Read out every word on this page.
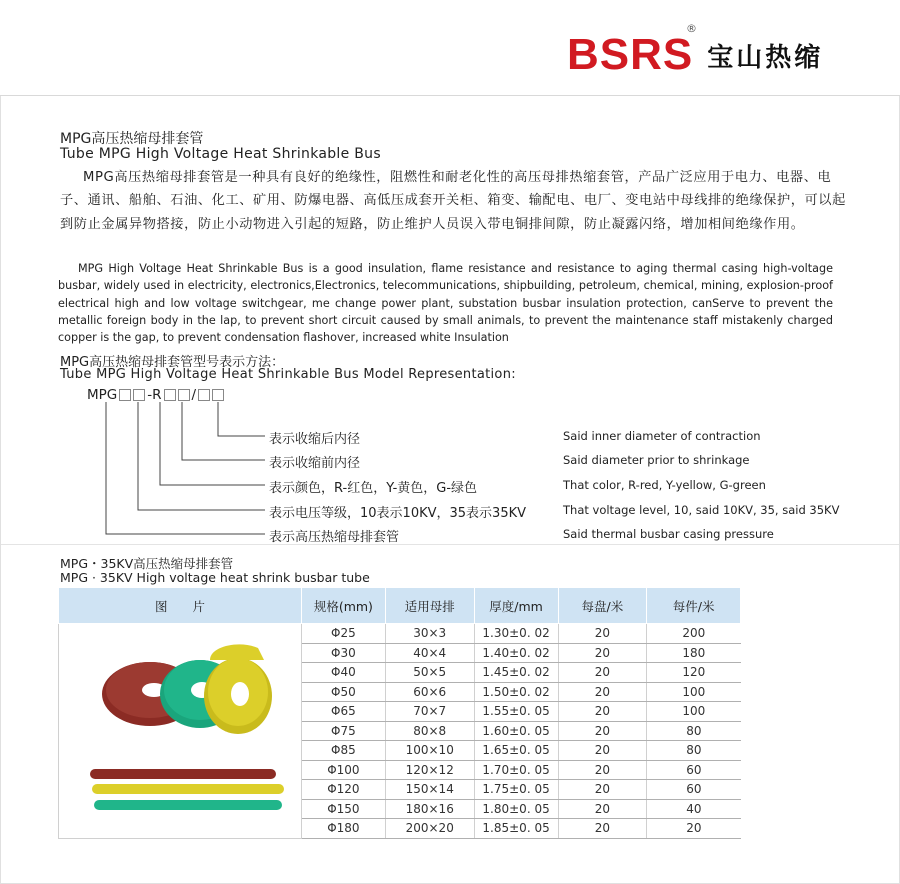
BSRS
®
宝山热缩
MPG高压热缩母排套管
Tube MPG High Voltage Heat Shrinkable Bus
MPG高压热缩母排套管是一种具有良好的绝缘性，阻燃性和耐老化性的高压母排热缩套管，产品广泛应用于电力、电器、电子、通讯、船舶、石油、化工、矿用、防爆电器、高低压成套开关柜、箱变、输配电、电厂、变电站中母线排的绝缘保护，可以起到防止金属异物搭接，防止小动物进入引起的短路，防止维护人员误入带电铜排间隙，防止凝露闪络，增加相间绝缘作用。
MPG High Voltage Heat Shrinkable Bus is a good insulation, flame resistance and resistance to aging thermal casing high-voltage busbar, widely used in electricity, electronics,Electronics, telecommunications, shipbuilding, petroleum, chemical, mining, explosion-proof electrical high and low voltage switchgear, me change power plant, substation busbar insulation protection, canServe to prevent the metallic foreign body in the lap, to prevent short circuit caused by small animals, to prevent the maintenance staff mistakenly charged copper is the gap, to prevent condensation flashover, increased white Insulation
MPG高压热缩母排套管型号表示方法：
Tube MPG High Voltage Heat Shrinkable Bus Model Representation:
MPG -R /
表示收缩后内径	Said inner diameter of contraction
表示收缩前内径	Said diameter prior to shrinkage
表示颜色，R-红色，Y-黄色，G-绿色	That color, R-red, Y-yellow, G-green
表示电压等级，10表示10KV，35表示35KV	That voltage level, 10, said 10KV, 35, said 35KV
表示高压热缩母排套管	Said thermal busbar casing pressure
MPG・35KV高压热缩母排套管
MPG · 35KV High voltage heat shrink busbar tube
图　　片	规格(mm)	适用母排	厚度/mm	每盘/米	每件/米
	Φ25	30×3	1.30±0. 02	20	200
	Φ30	40×4	1.40±0. 02	20	180
	Φ40	50×5	1.45±0. 02	20	120
	Φ50	60×6	1.50±0. 02	20	100
	Φ65	70×7	1.55±0. 05	20	100
	Φ75	80×8	1.60±0. 05	20	80
	Φ85	100×10	1.65±0. 05	20	80
	Φ100	120×12	1.70±0. 05	20	60
	Φ120	150×14	1.75±0. 05	20	60
	Φ150	180×16	1.80±0. 05	20	40
	Φ180	200×20	1.85±0. 05	20	20
